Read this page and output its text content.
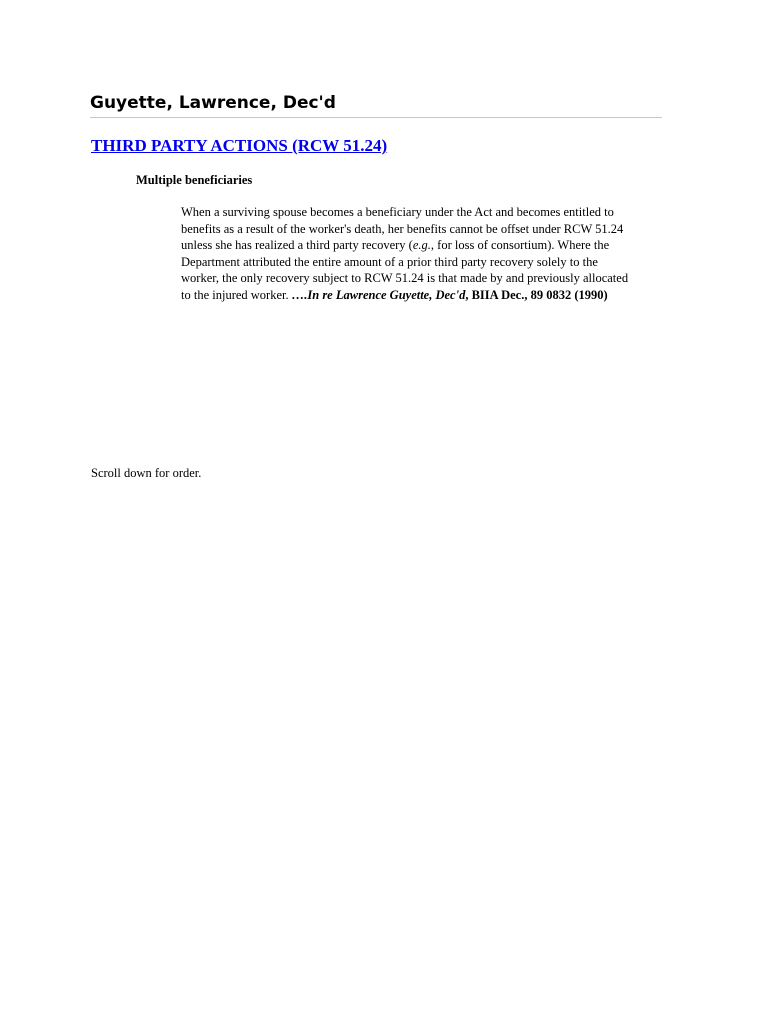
Guyette, Lawrence, Dec'd
THIRD PARTY ACTIONS (RCW 51.24)
Multiple beneficiaries

When a surviving spouse becomes a beneficiary under the Act and becomes entitled to
benefits as a result of the worker's death, her benefits cannot be offset under RCW 51.24
unless she has realized a third party recovery (e.g., for loss of consortium). Where the
Department attributed the entire amount of a prior third party recovery solely to the
worker, the only recovery subject to RCW 51.24 is that made by and previously allocated
to the injured worker. ….In re Lawrence Guyette, Dec'd, BIIA Dec., 89 0832 (1990)

Scroll down for order.
